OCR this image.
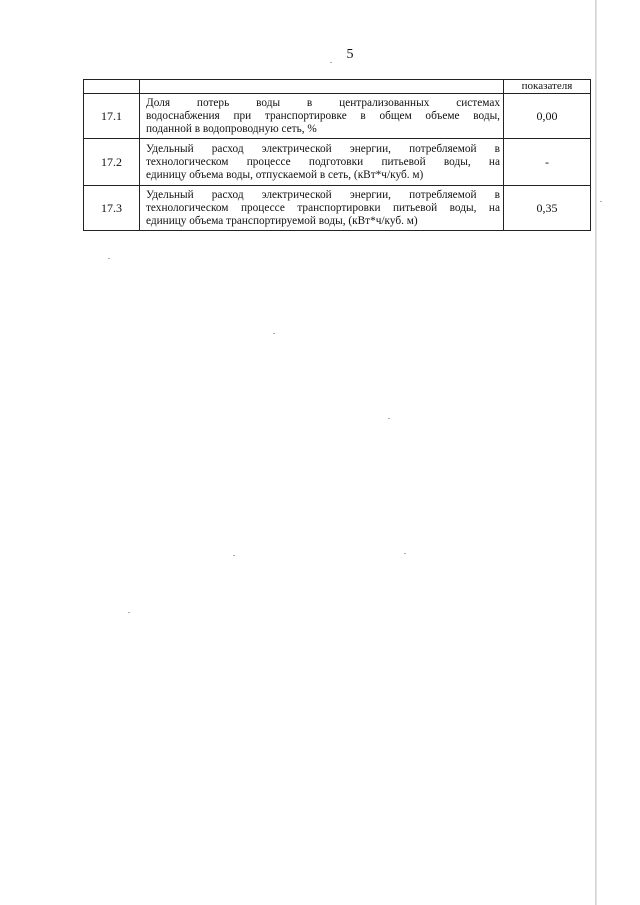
5
		показателя
17.1	Доля потерь воды в централизованных системах
водоснабжения при транспортировке в общем объеме воды,
поданной в водопроводную сеть, %	0,00
17.2	Удельный расход электрической энергии, потребляемой в
технологическом процессе подготовки питьевой воды, на
единицу объема воды, отпускаемой в сеть, (кВт*ч/куб. м)	-
17.3	Удельный расход электрической энергии, потребляемой в
технологическом процессе транспортировки питьевой воды, на
единицу объема транспортируемой воды, (кВт*ч/куб. м)	0,35
